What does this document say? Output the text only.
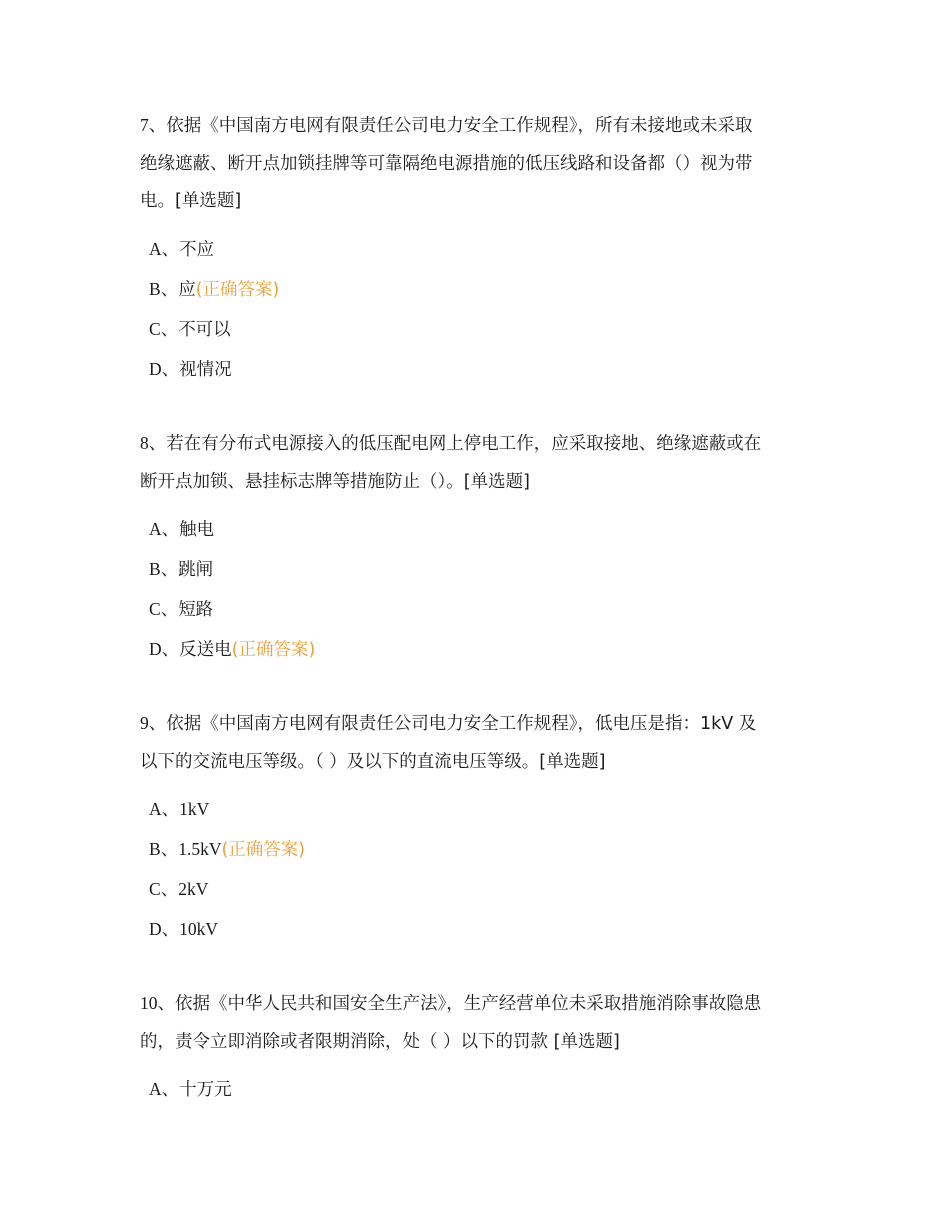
7、依据《中国南方电网有限责任公司电力安全工作规程》，所有未接地或未采取
绝缘遮蔽、断开点加锁挂牌等可靠隔绝电源措施的低压线路和设备都（）视为带
电。[单选题]

A、不应
B、应(正确答案)
C、不可以
D、视情况

8、若在有分布式电源接入的低压配电网上停电工作，应采取接地、绝缘遮蔽或在
断开点加锁、悬挂标志牌等措施防止（）。[单选题]

A、触电
B、跳闸
C、短路
D、反送电(正确答案)

9、依据《中国南方电网有限责任公司电力安全工作规程》，低电压是指：1kV 及
以下的交流电压等级。（ ）及以下的直流电压等级。[单选题]

A、1kV
B、1.5kV(正确答案)
C、2kV
D、10kV

10、依据《中华人民共和国安全生产法》，生产经营单位未采取措施消除事故隐患
的，责令立即消除或者限期消除，处（ ）以下的罚款 [单选题]

A、十万元
